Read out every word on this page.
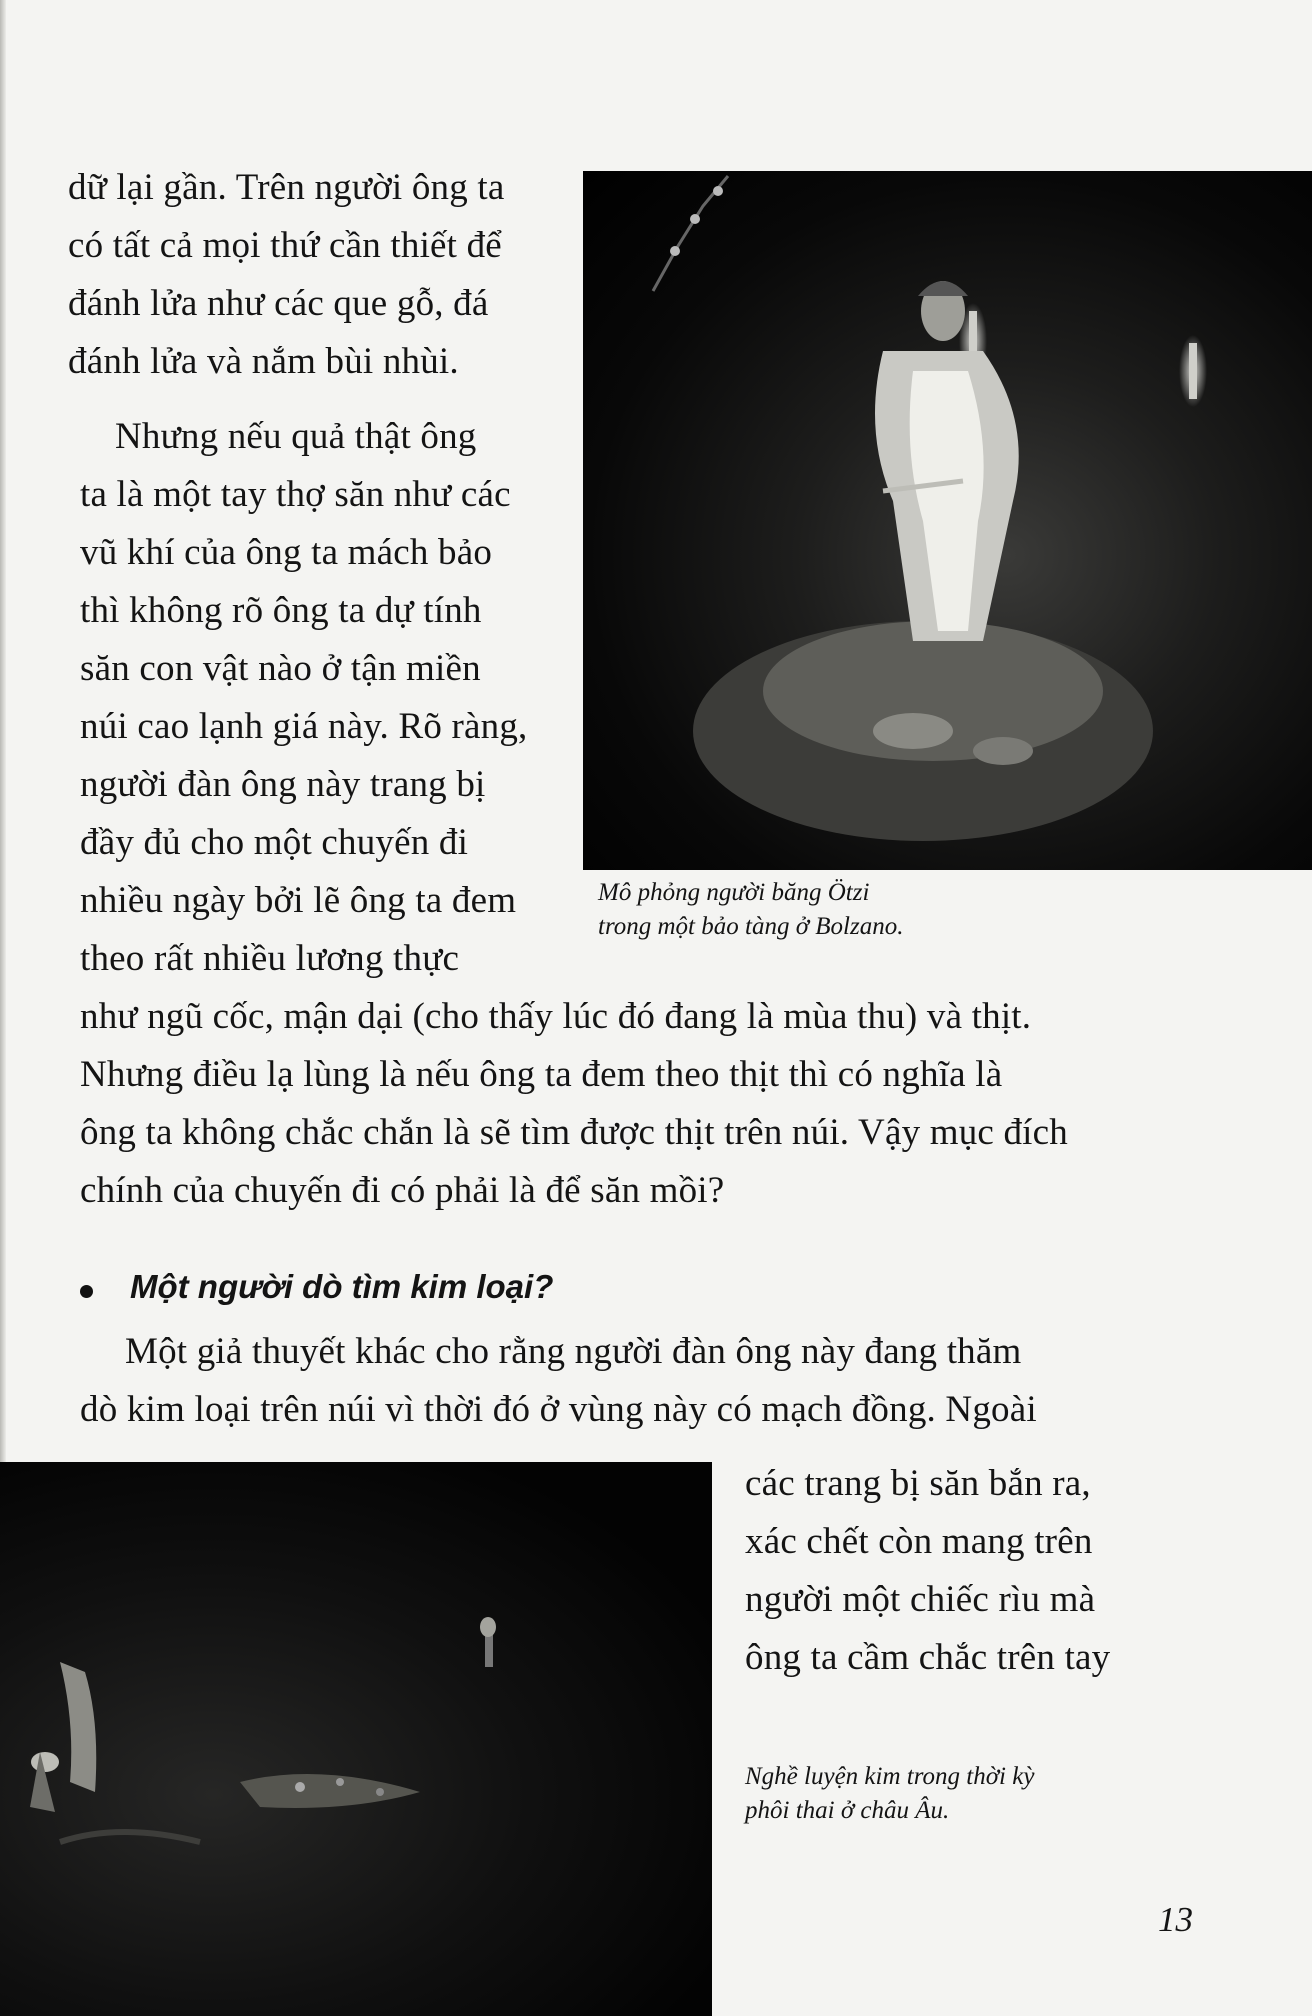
dữ lại gần. Trên người ông ta
có tất cả mọi thứ cần thiết để
đánh lửa như các que gỗ, đá
đánh lửa và nắm bùi nhùi.
Nhưng nếu quả thật ông
ta là một tay thợ săn như các
vũ khí của ông ta mách bảo
thì không rõ ông ta dự tính
săn con vật nào ở tận miền
núi cao lạnh giá này. Rõ ràng,
người đàn ông này trang bị
đầy đủ cho một chuyến đi
nhiều ngày bởi lẽ ông ta đem
theo rất nhiều lương thực
Mô phỏng người băng Ötzi
trong một bảo tàng ở Bolzano.
như ngũ cốc, mận dại (cho thấy lúc đó đang là mùa thu) và thịt.
Nhưng điều lạ lùng là nếu ông ta đem theo thịt thì có nghĩa là
ông ta không chắc chắn là sẽ tìm được thịt trên núi. Vậy mục đích
chính của chuyến đi có phải là để săn mồi?
Một người dò tìm kim loại?
Một giả thuyết khác cho rằng người đàn ông này đang thăm
dò kim loại trên núi vì thời đó ở vùng này có mạch đồng. Ngoài
các trang bị săn bắn ra,
xác chết còn mang trên
người một chiếc rìu mà
ông ta cầm chắc trên tay
Nghề luyện kim trong thời kỳ
phôi thai ở châu Âu.
13
